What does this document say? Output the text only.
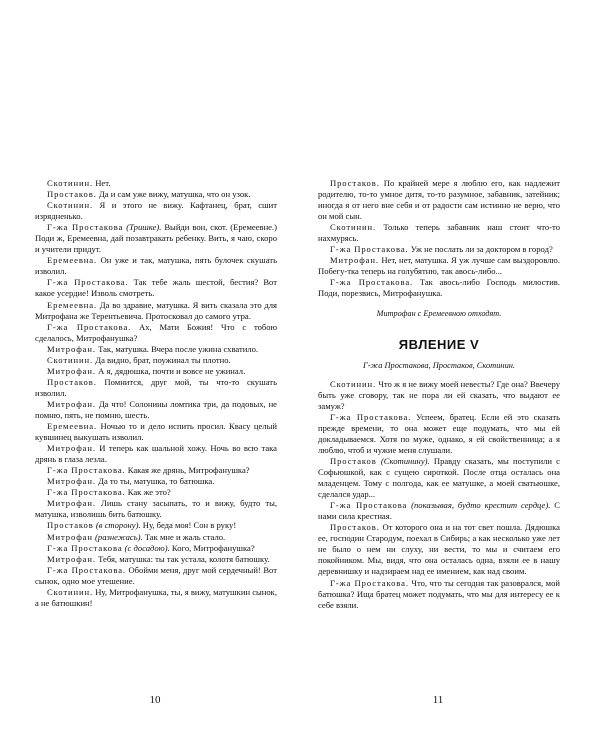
Скотинин. Нет.

Простаков. Да и сам уже вижу, матушка, что он узок.

Скотинин. Я и этого не вижу. Кафтанец, брат, сшит изрядненько.

Г-жа Простакова (Тришке). Выйди вон, скот. (Еремеевне.) Поди ж, Еремеевна, дай позавтракать ребенку. Вить, я чаю, скоро и учители придут.

Еремеевна. Он уже и так, матушка, пять булочек скушать изволил.

Г-жа Простакова. Так тебе жаль шестой, бестия? Вот какое усердие! Изволь смотреть.

Еремеевна. Да во здравие, матушка. Я вить сказала это для Митрофана же Терентьевича. Протосковал до самого утра.

Г-жа Простакова. Ах, Мати Божия! Что с тобою сделалось, Митрофанушка?

Митрофан. Так, матушка. Вчера после ужина схватило.

Скотинин. Да видно, брат, поужинал ты плотно.

Митрофан. А я, дядюшка, почти и вовсе не ужинал.

Простаков. Помнится, друг мой, ты что-то скушать изволил.

Митрофан. Да что! Солонины ломтика три, да подовых, не помню, пять, не помню, шесть.

Еремеевна. Ночью то и дело испить просил. Квасу целый кувшинец выкушать изволил.

Митрофан. И теперь как шальной хожу. Ночь во всю така дрянь в глаза лезла.

Г-жа Простакова. Какая же дрянь, Митрофанушка?

Митрофан. Да то ты, матушка, то батюшка.

Г-жа Простакова. Как же это?

Митрофан. Лишь стану засыпать, то и вижу, будто ты, матушка, изволишь бить батюшку.

Простаков (в сторону). Ну, беда моя! Сон в руку!

Митрофан (разнежась). Так мне и жаль стало.

Г-жа Простакова (с досадою). Кого, Митрофанушка?

Митрофан. Тебя, матушка: ты так устала, колотя батюшку.

Г-жа Простакова. Обойми меня, друг мой сердечный! Вот сынок, одно мое утешение.

Скотинин. Ну, Митрофанушка, ты, я вижу, матушкин сынок, а не батюшкин!

10

Простаков. По крайней мере я люблю его, как надлежит родителю, то-то умное дитя, то-то разумное, забавник, затейник; иногда я от него вне себя и от радости сам истинно не верю, что он мой сын.

Скотинин. Только теперь забавник наш стоит что-то нахмурясь.

Г-жа Простакова. Уж не послать ли за доктором в город?

Митрофан. Нет, нет, матушка. Я уж лучше сам выздоровлю. Побегу-тка теперь на голубятню, так авось-либо...

Г-жа Простакова. Так авось-либо Господь милостив. Поди, порезвись, Митрофанушка.

Митрофан с Еремеевною отходят.

ЯВЛЕНИЕ V
Г-жа Простакова, Простаков, Скотинин.

Скотинин. Что ж я не вижу моей невесты? Где она? Ввечеру быть уже сговору, так не пора ли ей сказать, что выдают ее замуж?

Г-жа Простакова. Успеем, братец. Если ей это сказать прежде времени, то она может еще подумать, что мы ей докладываемся. Хотя по муже, однако, я ей свойственница; а я люблю, чтоб и чужие меня слушали.

Простаков (Скотинину). Правду сказать, мы поступили с Софьюшкой, как с сущею сироткой. После отца осталась она младенцем. Тому с полгода, как ее матушке, а моей сватьюшке, сделался удар...

Г-жа Простакова (показывая, будто крестит сердце). С нами сила крестная.

Простаков. От которого она и на тот свет пошла. Дядюшка ее, господин Стародум, поехал в Сибирь; а как несколько уже лет не было о нем ни слуху, ни вести, то мы и считаем его покойником. Мы, видя, что она осталась одна, взяли ее в нашу деревнишку и надзираем над ее имением, как над своим.

Г-жа Простакова. Что, что ты сегодня так разоврался, мой батюшка? Ища братец может подумать, что мы для интересу ее к себе взяли.

11
